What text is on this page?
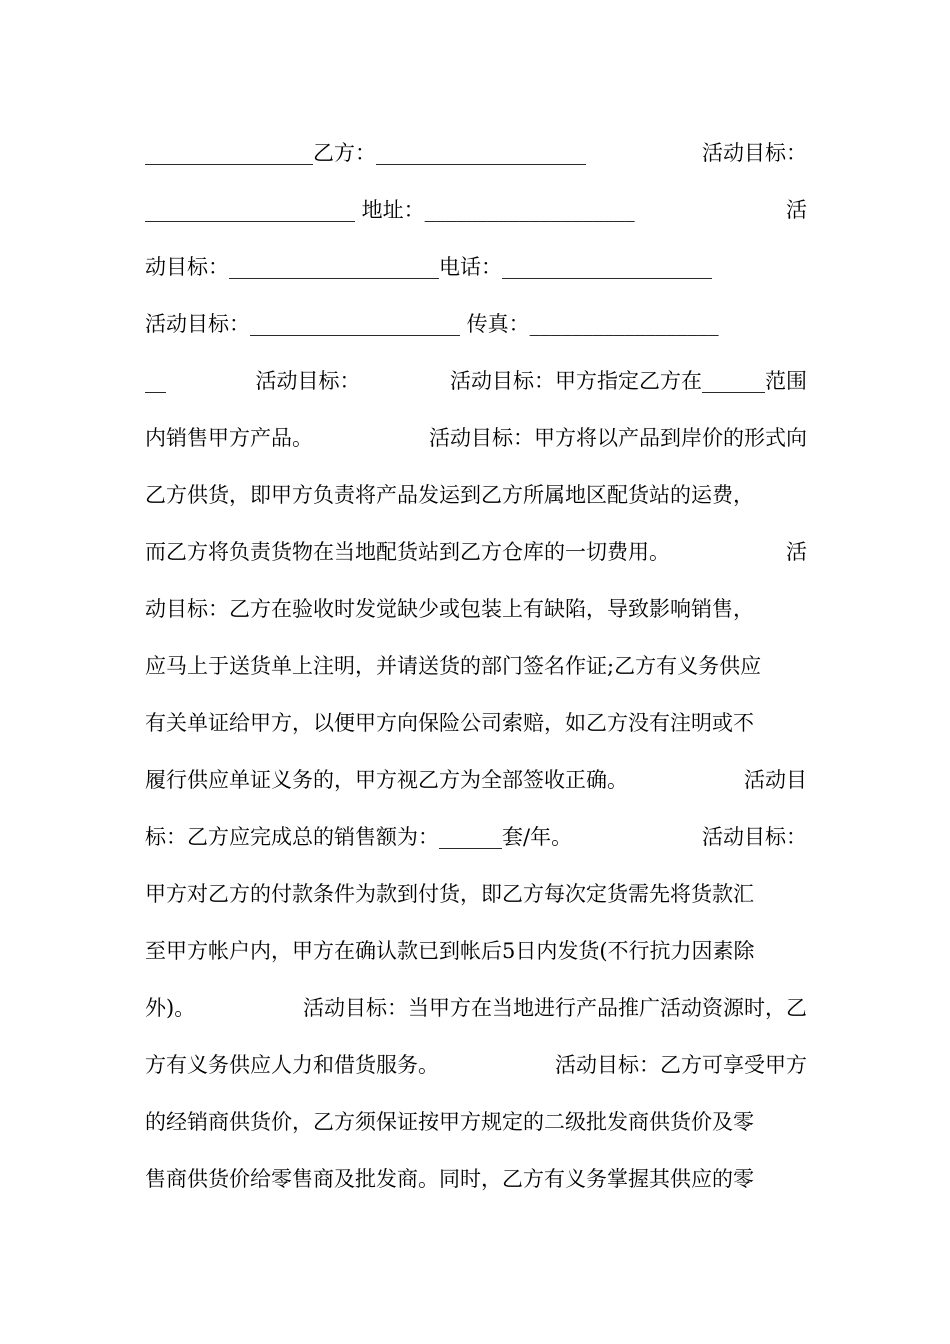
________________乙方：____________________	活动目标：
____________________ 地址：____________________	活
动目标：____________________电话：____________________
活动目标：____________________ 传真：__________________
__	活动目标：	活动目标：甲方指定乙方在______范围
内销售甲方产品。	活动目标：甲方将以产品到岸价的形式向
乙方供货，即甲方负责将产品发运到乙方所属地区配货站的运费，
而乙方将负责货物在当地配货站到乙方仓库的一切费用。	活
动目标：乙方在验收时发觉缺少或包装上有缺陷，导致影响销售，
应马上于送货单上注明，并请送货的部门签名作证;乙方有义务供应
有关单证给甲方，以便甲方向保险公司索赔，如乙方没有注明或不
履行供应单证义务的，甲方视乙方为全部签收正确。	活动目
标：乙方应完成总的销售额为：______套/年。	活动目标：
甲方对乙方的付款条件为款到付货，即乙方每次定货需先将货款汇
至甲方帐户内，甲方在确认款已到帐后5日内发货(不行抗力因素除
外)。	活动目标：当甲方在当地进行产品推广活动资源时，乙
方有义务供应人力和借货服务。	活动目标：乙方可享受甲方
的经销商供货价，乙方须保证按甲方规定的二级批发商供货价及零
售商供货价给零售商及批发商。同时，乙方有义务掌握其供应的零
